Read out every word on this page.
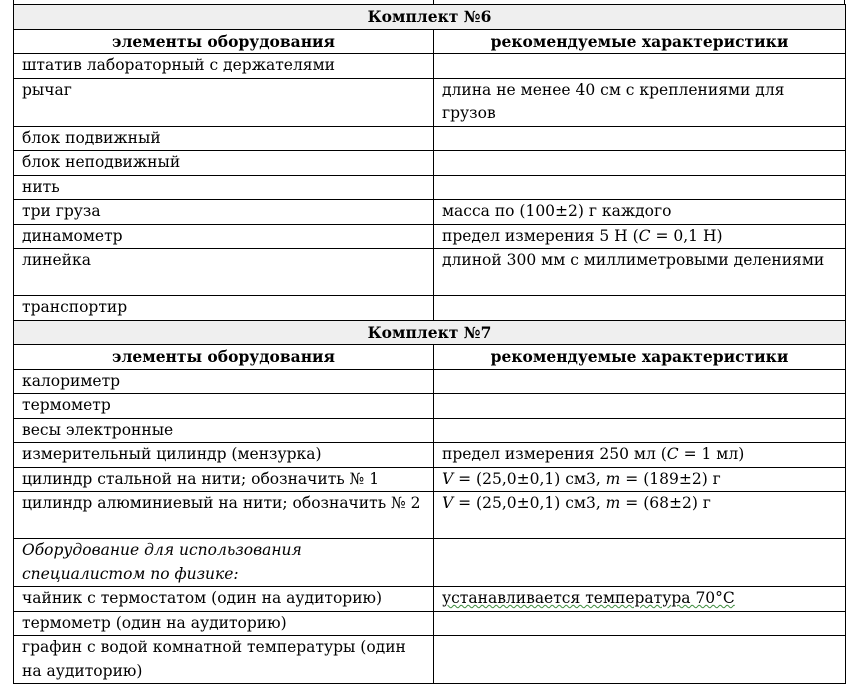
Комплект №6	
элементы оборудования	рекомендуемые характеристики
штатив лабораторный с держателями	
рычаг	длина не менее 40 см с креплениями для грузов
блок подвижный	
блок неподвижный	
нить	
три груза	масса по (100±2) г каждого
динамометр	предел измерения 5 Н (С = 0,1 Н)
линейка	длиной 300 мм с миллиметровыми делениями
транспортир	
Комплект №7	
элементы оборудования	рекомендуемые характеристики
калориметр	
термометр	
весы электронные	
измерительный цилиндр (мензурка)	предел измерения 250 мл (С = 1 мл)
цилиндр стальной на нити; обозначить № 1	V = (25,0±0,1) см3, m = (189±2) г
цилиндр алюминиевый на нити; обозначить № 2	V = (25,0±0,1) см3, m = (68±2) г
Оборудование для использования специалистом по физике:	
чайник с термостатом (один на аудиторию)	устанавливается температура 70°С
термометр (один на аудиторию)	
графин с водой комнатной температуры (один на аудиторию)	
